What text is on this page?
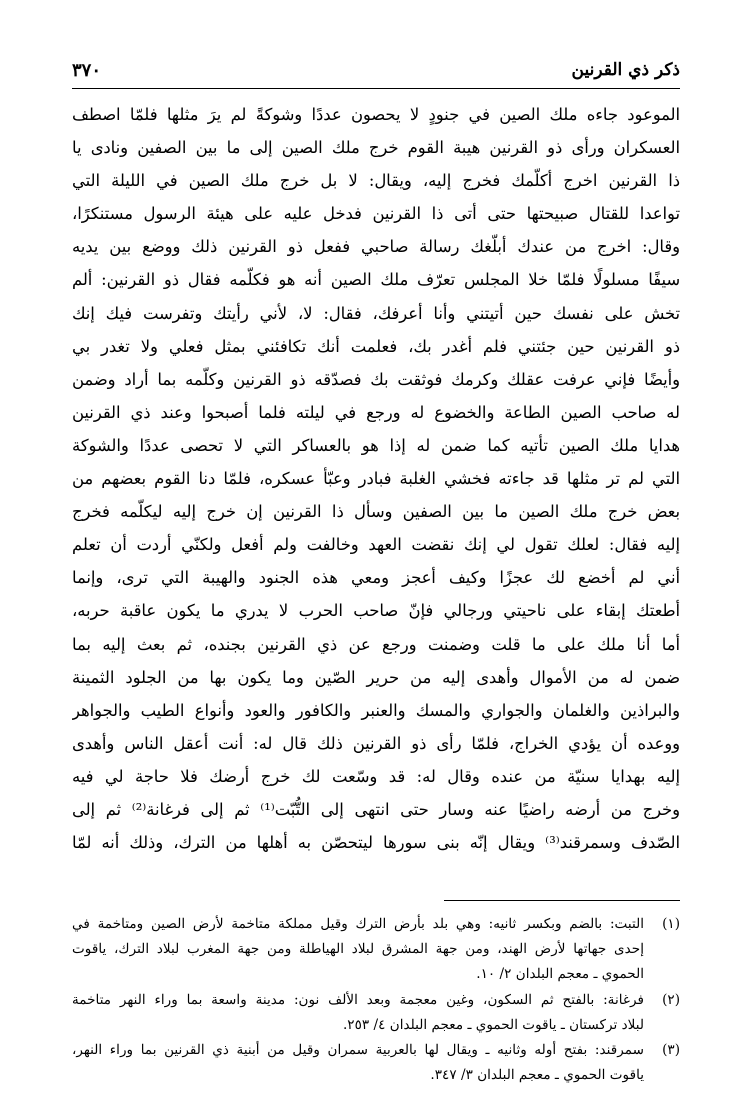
ذكر ذي القرنين
٣٧٠
الموعود جاءه ملك الصين في جنودٍ لا يحصون عددًا وشوكةً لم يرَ مثلها فلمّا اصطف
العسكران ورأى ذو القرنين هيبة القوم خرج ملك الصين إلى ما بين الصفين ونادى يا
ذا القرنين اخرج أكلّمك فخرج إليه، ويقال: لا بل خرج ملك الصين في الليلة التي
تواعدا للقتال صبيحتها حتى أتى ذا القرنين فدخل عليه على هيئة الرسول مستنكرًا،
وقال: اخرج من عندك أبلّغك رسالة صاحبي ففعل ذو القرنين ذلك ووضع بين يديه
سيفًا مسلولًا فلمّا خلا المجلس تعرّف ملك الصين أنه هو فكلّمه فقال ذو القرنين: ألم
تخش على نفسك حين أتيتني وأنا أعرفك، فقال: لا، لأني رأيتك وتفرست فيك إنك
ذو القرنين حين جئتني فلم أغدر بك، فعلمت أنك تكافئني بمثل فعلي ولا تغدر بي
وأيضًا فإني عرفت عقلك وكرمك فوثقت بك فصدّقه ذو القرنين وكلّمه بما أراد وضمن
له صاحب الصين الطاعة والخضوع له ورجع في ليلته فلما أصبحوا وعند ذي القرنين
هدايا ملك الصين تأتيه كما ضمن له إذا هو بالعساكر التي لا تحصى عددًا والشوكة
التي لم تر مثلها قد جاءته فخشي الغلبة فبادر وعبّأ عسكره، فلمّا دنا القوم بعضهم من
بعض خرج ملك الصين ما بين الصفين وسأل ذا القرنين إن خرج إليه ليكلّمه فخرج
إليه فقال: لعلك تقول لي إنك نقضت العهد وخالفت ولم أفعل ولكنّي أردت أن تعلم
أني لم أخضع لك عجزًا وكيف أعجز ومعي هذه الجنود والهيبة التي ترى، وإنما
أطعتك إبقاء على ناحيتي ورجالي فإنّ صاحب الحرب لا يدري ما يكون عاقبة حربه،
أما أنا ملك على ما قلت وضمنت ورجع عن ذي القرنين بجنده، ثم بعث إليه بما
ضمن له من الأموال وأهدى إليه من حرير الصّين وما يكون بها من الجلود الثمينة
والبراذين والغلمان والجواري والمسك والعنبر والكافور والعود وأنواع الطيب والجواهر
ووعده أن يؤدي الخراج، فلمّا رأى ذو القرنين ذلك قال له: أنت أعقل الناس وأهدى
إليه بهدايا سنيّة من عنده وقال له: قد وسّعت لك خرج أرضك فلا حاجة لي فيه
وخرج من أرضه راضيًا عنه وسار حتى انتهى إلى التُّبّت⁽¹⁾ ثم إلى فرغانة⁽²⁾ ثم إلى
الصّدف وسمرقند⁽³⁾ ويقال إنّه بنى سورها ليتحصّن به أهلها من الترك، وذلك أنه لمّا
(١)
التبت: بالضم وبكسر ثانيه: وهي بلد بأرض الترك وقيل مملكة متاخمة لأرض الصين ومتاخمة في
إحدى جهاتها لأرض الهند، ومن جهة المشرق لبلاد الهياطلة ومن جهة المغرب لبلاد الترك، ياقوت
الحموي ـ معجم البلدان ٢/ ١٠.
(٢)
فرغانة: بالفتح ثم السكون، وغين معجمة وبعد الألف نون: مدينة واسعة بما وراء النهر متاخمة
لبلاد تركستان ـ ياقوت الحموي ـ معجم البلدان ٤/ ٢٥٣.
(٣)
سمرقند: بفتح أوله وثانيه ـ ويقال لها بالعربية سمران وقيل من أبنية ذي القرنين بما وراء النهر،
ياقوت الحموي ـ معجم البلدان ٣/ ٣٤٧.
